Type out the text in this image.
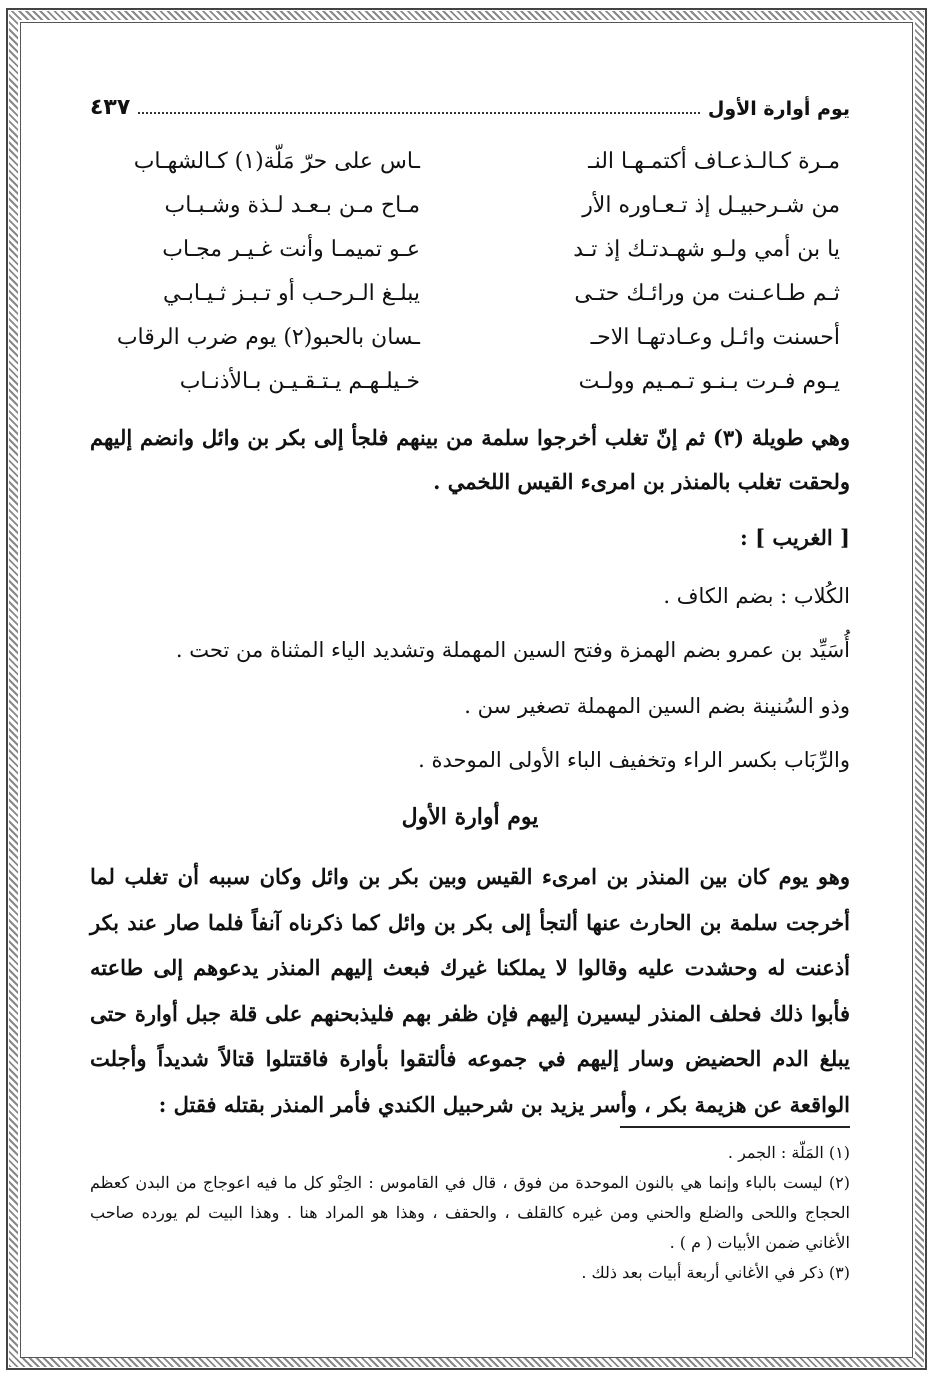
يوم أوارة الأول
٤٣٧
مـرة كـالـذعـاف أكتمـهـا النـ
ـاس على حرّ مَلّة(١) كـالشهـاب
من شـرحبيـل إذ تـعـاوره الأر
مـاح مـن بـعـد لـذة وشـبـاب
يا بن أمي ولـو شهـدتـك إذ تـد
عـو تميمـا وأنت غـيـر مجـاب
ثـم طـاعـنت من ورائـك حتـى
يبلـغ الـرحـب أو تـبـز ثـيـابـي
أحسنت وائـل وعـادتهـا الاحـ
ـسان بالحبو(٢) يوم ضرب الرقاب
يـوم فـرت بـنـو تـمـيم وولـت
خـيلـهـم يـتـقـيـن بـالأذنـاب

وهي طويلة (٣) ثم إنّ تغلب أخرجوا سلمة من بينهم فلجأ إلى بكر بن وائل وانضم إليهم ولحقت تغلب بالمنذر بن امرىء القيس اللخمي .

[ الغريب ] :
الكُلاب : بضم الكاف .
أُسَيِّد بن عمرو بضم الهمزة وفتح السين المهملة وتشديد الياء المثناة من تحت .
وذو السُنينة بضم السين المهملة تصغير سن .
والرِّبَاب بكسر الراء وتخفيف الباء الأولى الموحدة .
يوم أوارة الأول

وهو يوم كان بين المنذر بن امرىء القيس وبين بكر بن وائل وكان سببه أن تغلب لما أخرجت سلمة بن الحارث عنها ألتجأ إلى بكر بن وائل كما ذكرناه آنفاً فلما صار عند بكر أذعنت له وحشدت عليه وقالوا لا يملكنا غيرك فبعث إليهم المنذر يدعوهم إلى طاعته فأبوا ذلك فحلف المنذر ليسيرن إليهم فإن ظفر بهم فليذبحنهم على قلة جبل أوارة حتى يبلغ الدم الحضيض وسار إليهم في جموعه فألتقوا بأوارة فاقتتلوا قتالاً شديداً وأجلت الواقعة عن هزيمة بكر ، وأسر يزيد بن شرحبيل الكندي فأمر المنذر بقتله فقتل :

(١) المَلّة : الجمر .
(٢) ليست بالباء وإنما هي بالنون الموحدة من فوق ، قال في القاموس : الحِنْو كل ما فيه اعوجاج من البدن كعظم الحجاج واللحى والضلع والحني ومن غيره كالقلف ، والحقف ، وهذا هو المراد هنا . وهذا البيت لم يورده صاحب الأغاني ضمن الأبيات ( م ) .
(٣) ذكر في الأغاني أربعة أبيات بعد ذلك .
